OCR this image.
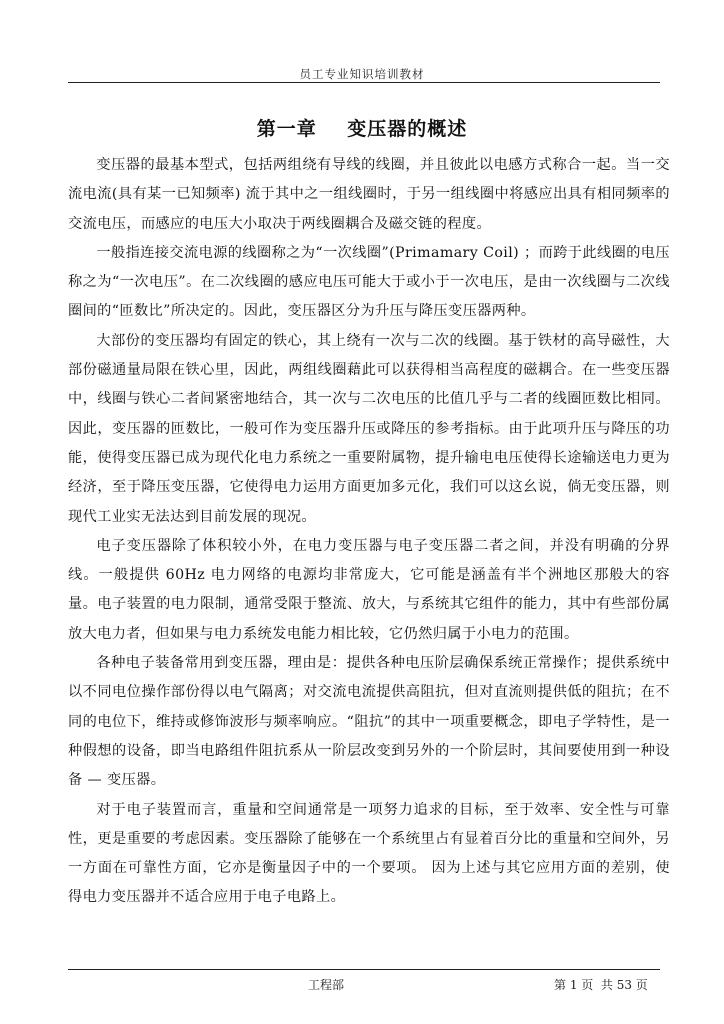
员工专业知识培训教材
第一章    变压器的概述

变压器的最基本型式，包括两组绕有导线的线圈，并且彼此以电感方式称合一起。当一交流电流(具有某一已知频率) 流于其中之一组线圈时，于另一组线圈中将感应出具有相同频率的交流电压，而感应的电压大小取决于两线圈耦合及磁交链的程度。

一般指连接交流电源的线圈称之为“一次线圈”(Primamary Coil) ；而跨于此线圈的电压称之为“一次电压”。在二次线圈的感应电压可能大于或小于一次电压，是由一次线圈与二次线圈间的“匝数比”所决定的。因此，变压器区分为升压与降压变压器两种。

大部份的变压器均有固定的铁心，其上绕有一次与二次的线圈。基于铁材的高导磁性，大部份磁通量局限在铁心里，因此，两组线圈藉此可以获得相当高程度的磁耦合。在一些变压器中，线圈与铁心二者间紧密地结合，其一次与二次电压的比值几乎与二者的线圈匝数比相同。因此，变压器的匝数比，一般可作为变压器升压或降压的参考指标。由于此项升压与降压的功能，使得变压器已成为现代化电力系统之一重要附属物，提升输电电压使得长途输送电力更为经济，至于降压变压器，它使得电力运用方面更加多元化，我们可以这幺说，倘无变压器，则现代工业实无法达到目前发展的现况。

电子变压器除了体积较小外，在电力变压器与电子变压器二者之间，并没有明确的分界线。一般提供 60Hz 电力网络的电源均非常庞大，它可能是涵盖有半个洲地区那般大的容量。电子装置的电力限制，通常受限于整流、放大，与系统其它组件的能力，其中有些部份属放大电力者，但如果与电力系统发电能力相比较，它仍然归属于小电力的范围。

各种电子装备常用到变压器，理由是：提供各种电压阶层确保系统正常操作；提供系统中以不同电位操作部份得以电气隔离；对交流电流提供高阻抗，但对直流则提供低的阻抗；在不同的电位下，维持或修饰波形与频率响应。“阻抗”的其中一项重要概念，即电子学特性，是一种假想的设备，即当电路组件阻抗系从一阶层改变到另外的一个阶层时，其间要使用到一种设备 — 变压器。

对于电子装置而言，重量和空间通常是一项努力追求的目标，至于效率、安全性与可靠性，更是重要的考虑因素。变压器除了能够在一个系统里占有显着百分比的重量和空间外，另一方面在可靠性方面，它亦是衡量因子中的一个要项。 因为上述与其它应用方面的差别，使得电力变压器并不适合应用于电子电路上。

工程部	第 1 页  共 53 页
